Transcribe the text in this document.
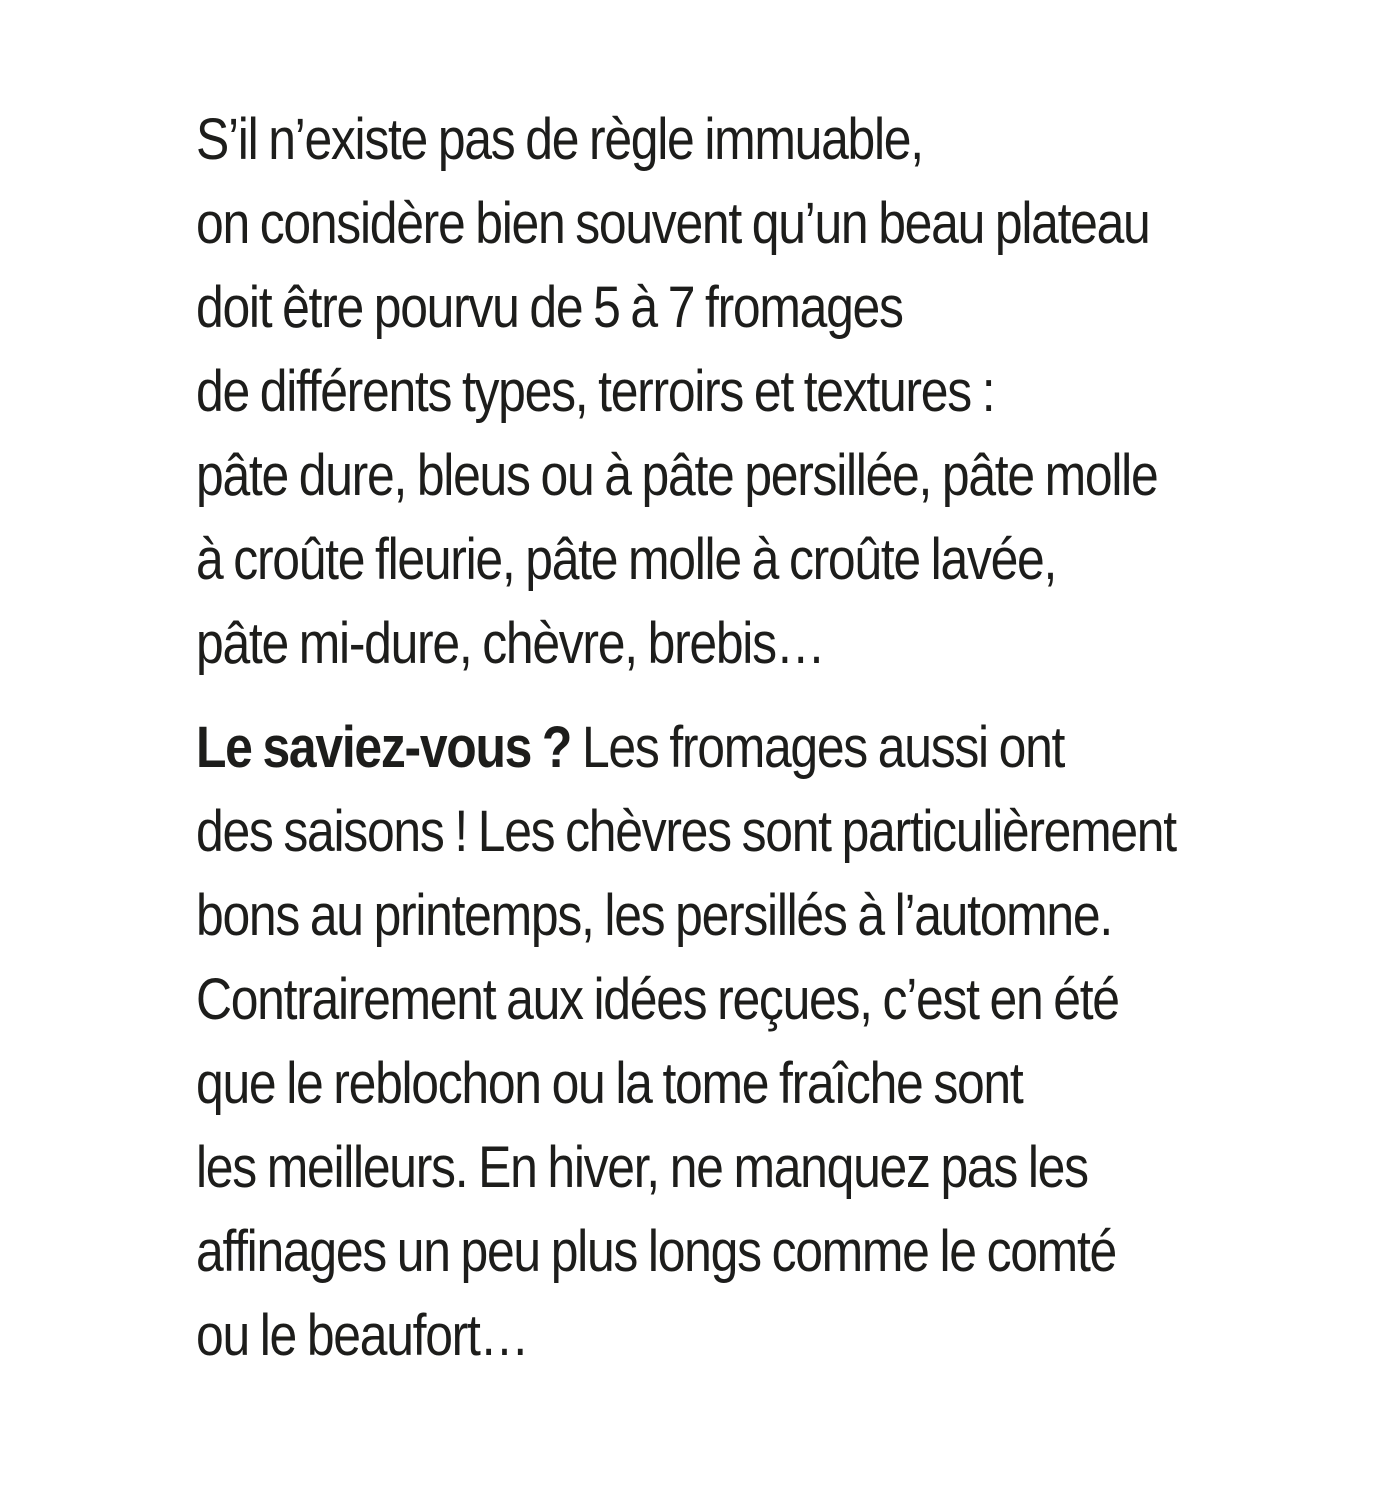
S’il n’existe pas de règle immuable,
on considère bien souvent qu’un beau plateau
doit être pourvu de 5 à 7 fromages
de différents types, terroirs et textures :
pâte dure, bleus ou à pâte persillée, pâte molle
à croûte fleurie, pâte molle à croûte lavée,
pâte mi-dure, chèvre, brebis…

Le saviez-vous ? Les fromages aussi ont
des saisons ! Les chèvres sont particulièrement
bons au printemps, les persillés à l’automne.
Contrairement aux idées reçues, c’est en été
que le reblochon ou la tome fraîche sont
les meilleurs. En hiver, ne manquez pas les
affinages un peu plus longs comme le comté
ou le beaufort…
